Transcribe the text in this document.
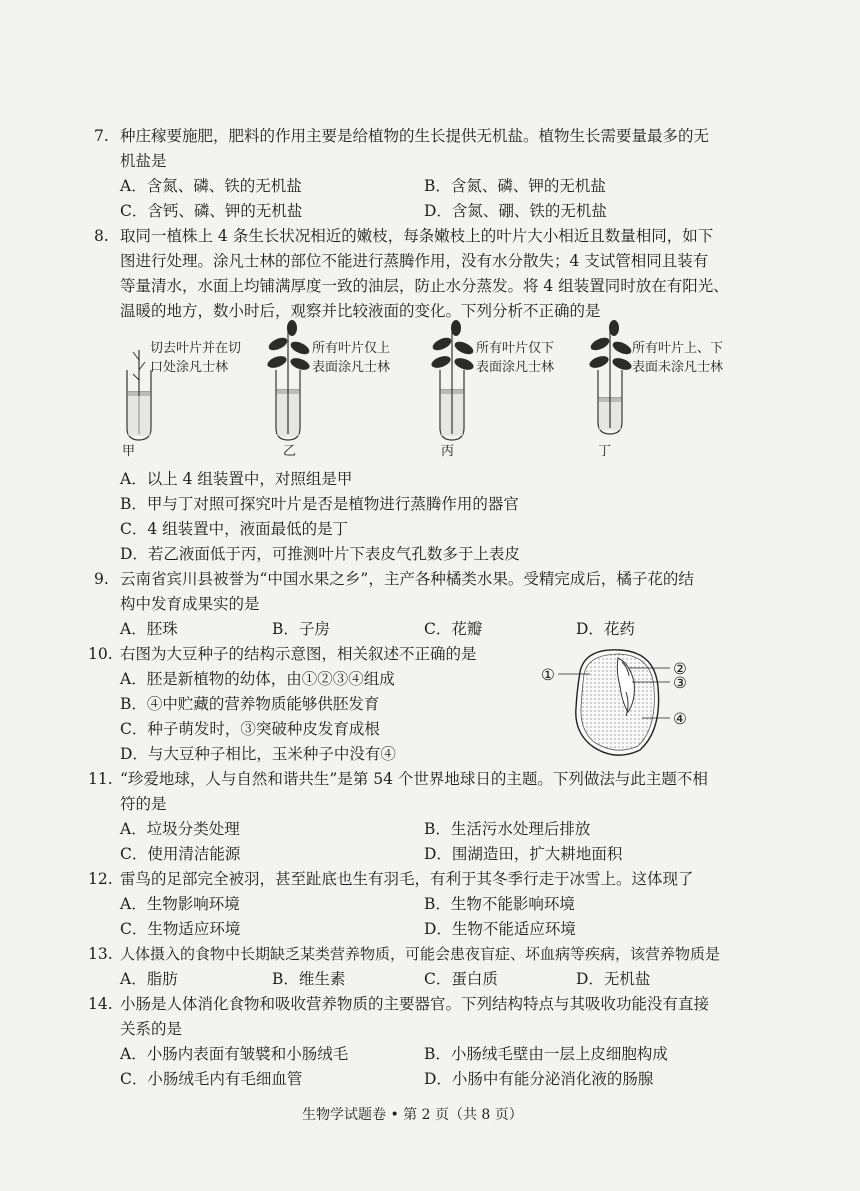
7. 种庄稼要施肥，肥料的作用主要是给植物的生长提供无机盐。植物生长需要量最多的无
机盐是
A．含氮、磷、铁的无机盐	B．含氮、磷、钾的无机盐
C．含钙、磷、钾的无机盐	D．含氮、硼、铁的无机盐
8. 取同一植株上 4 条生长状况相近的嫩枝，每条嫩枝上的叶片大小相近且数量相同，如下
图进行处理。涂凡士林的部位不能进行蒸腾作用，没有水分散失；4 支试管相同且装有
等量清水，水面上均铺满厚度一致的油层，防止水分蒸发。将 4 组装置同时放在有阳光、
温暖的地方，数小时后，观察并比较液面的变化。下列分析不正确的是
切去叶片并在切
口处涂凡士林
甲
所有叶片仅上
表面涂凡士林
乙
所有叶片仅下
表面涂凡士林
丙
所有叶片上、下
表面未涂凡士林
丁
A．以上 4 组装置中，对照组是甲
B．甲与丁对照可探究叶片是否是植物进行蒸腾作用的器官
C．4 组装置中，液面最低的是丁
D．若乙液面低于丙，可推测叶片下表皮气孔数多于上表皮
9. 云南省宾川县被誉为“中国水果之乡”，主产各种橘类水果。受精完成后，橘子花的结
构中发育成果实的是
A．胚珠	B．子房	C．花瓣	D．花药
10. 右图为大豆种子的结构示意图，相关叙述不正确的是
A．胚是新植物的幼体，由①②③④组成
B．④中贮藏的营养物质能够供胚发育
C．种子萌发时，③突破种皮发育成根
D．与大豆种子相比，玉米种子中没有④
①	②
③
④
11. “珍爱地球，人与自然和谐共生”是第 54 个世界地球日的主题。下列做法与此主题不相
符的是
A．垃圾分类处理	B．生活污水处理后排放
C．使用清洁能源	D．围湖造田，扩大耕地面积
12. 雷鸟的足部完全被羽，甚至趾底也生有羽毛，有利于其冬季行走于冰雪上。这体现了
A．生物影响环境	B．生物不能影响环境
C．生物适应环境	D．生物不能适应环境
13. 人体摄入的食物中长期缺乏某类营养物质，可能会患夜盲症、坏血病等疾病，该营养物质是
A．脂肪	B．维生素	C．蛋白质	D．无机盐
14. 小肠是人体消化食物和吸收营养物质的主要器官。下列结构特点与其吸收功能没有直接
关系的是
A．小肠内表面有皱襞和小肠绒毛	B．小肠绒毛壁由一层上皮细胞构成
C．小肠绒毛内有毛细血管	D．小肠中有能分泌消化液的肠腺
生物学试题卷 • 第 2 页（共 8 页）
